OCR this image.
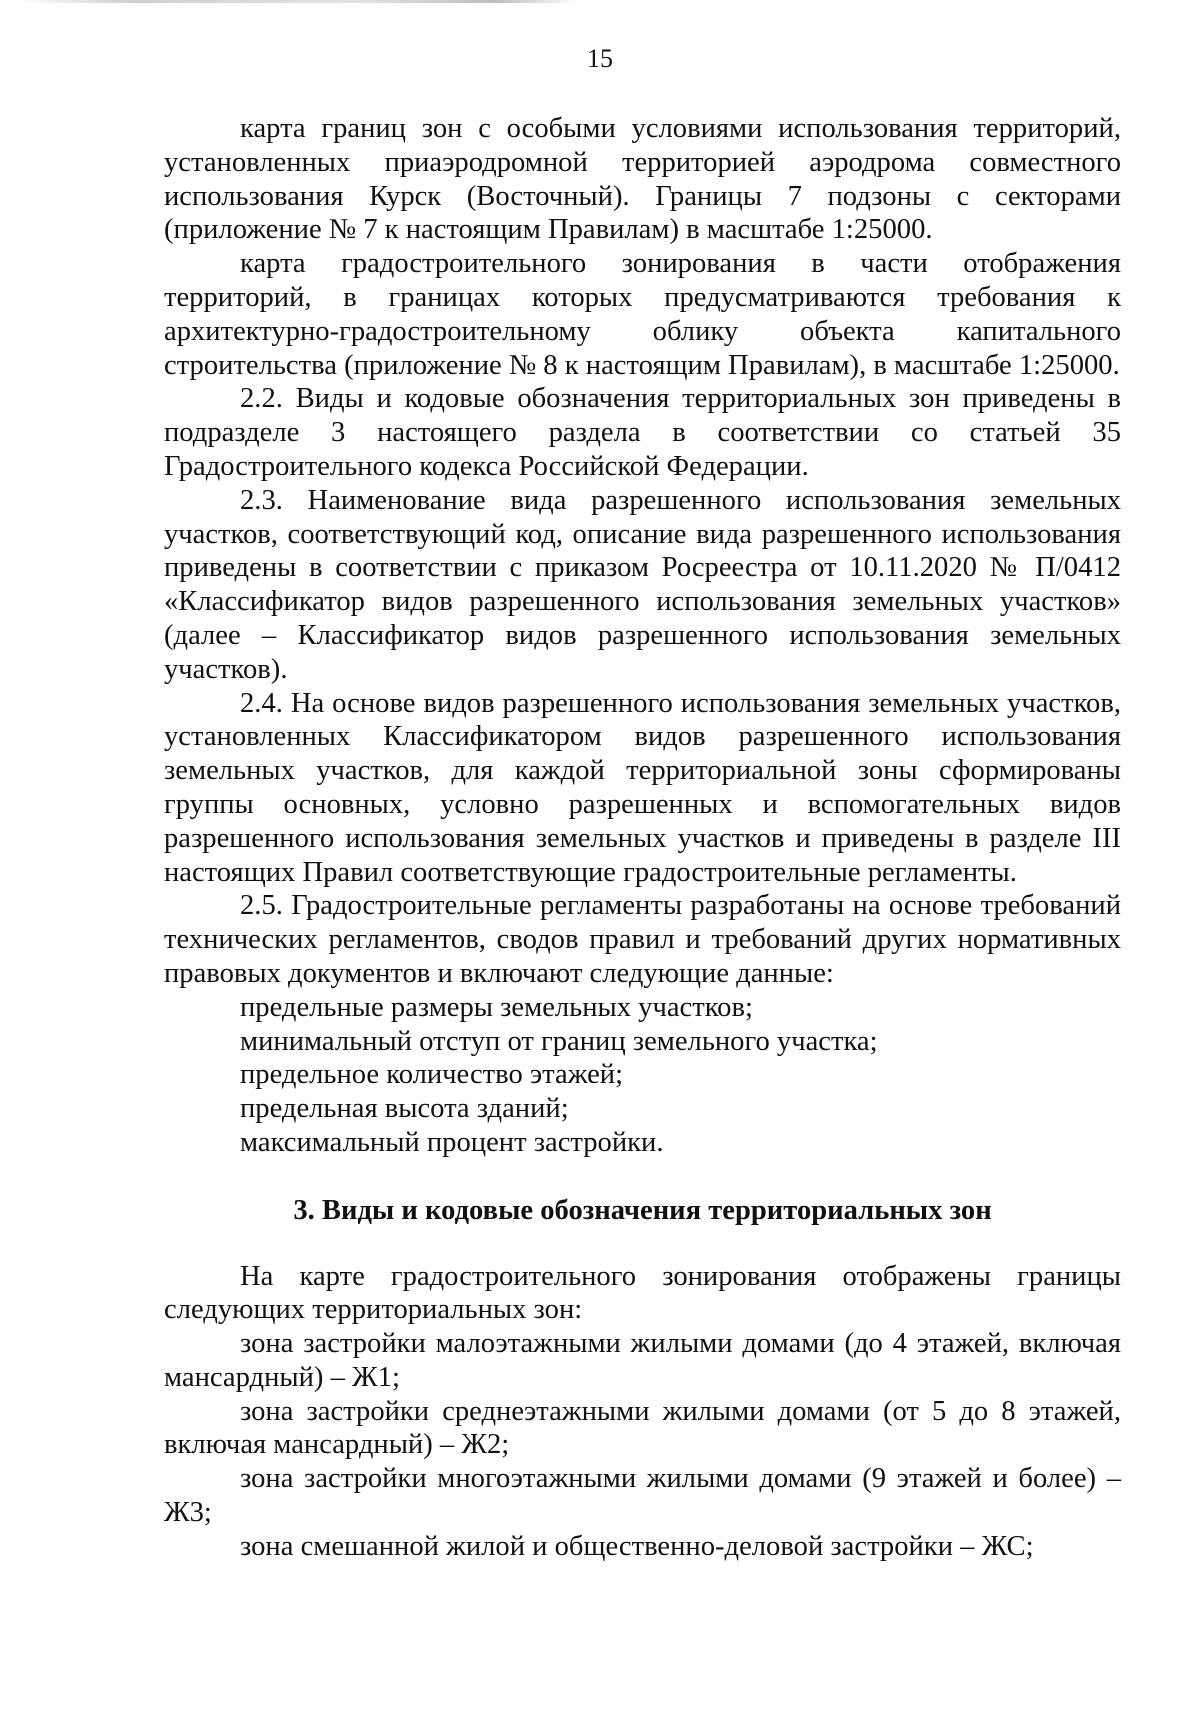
15

карта границ зон с особыми условиями использования территорий, установленных приаэродромной территорией аэродрома совместного использования Курск (Восточный). Границы 7 подзоны с секторами (приложение № 7 к настоящим Правилам) в масштабе 1:25000.

карта градостроительного зонирования в части отображения территорий, в границах которых предусматриваются требования к архитектурно-градостроительному облику объекта капитального строительства (приложение № 8 к настоящим Правилам), в масштабе 1:25000.

2.2. Виды и кодовые обозначения территориальных зон приведены в подразделе 3 настоящего раздела в соответствии со статьей 35 Градостроительного кодекса Российской Федерации.

2.3. Наименование вида разрешенного использования земельных участков, соответствующий код, описание вида разрешенного использования приведены в соответствии с приказом Росреестра от 10.11.2020 № П/0412 «Классификатор видов разрешенного использования земельных участков» (далее – Классификатор видов разрешенного использования земельных участков).

2.4. На основе видов разрешенного использования земельных участков, установленных Классификатором видов разрешенного использования земельных участков, для каждой территориальной зоны сформированы группы основных, условно разрешенных и вспомогательных видов разрешенного использования земельных участков и приведены в разделе III настоящих Правил соответствующие градостроительные регламенты.

2.5. Градостроительные регламенты разработаны на основе требований технических регламентов, сводов правил и требований других нормативных правовых документов и включают следующие данные:

предельные размеры земельных участков;

минимальный отступ от границ земельного участка;

предельное количество этажей;

предельная высота зданий;

максимальный процент застройки.

3. Виды и кодовые обозначения территориальных зон

На карте градостроительного зонирования отображены границы следующих территориальных зон:

зона застройки малоэтажными жилыми домами (до 4 этажей, включая мансардный) – Ж1;

зона застройки среднеэтажными жилыми домами (от 5 до 8 этажей, включая мансардный) – Ж2;

зона застройки многоэтажными жилыми домами (9 этажей и более) – Ж3;

зона смешанной жилой и общественно-деловой застройки – ЖС;
